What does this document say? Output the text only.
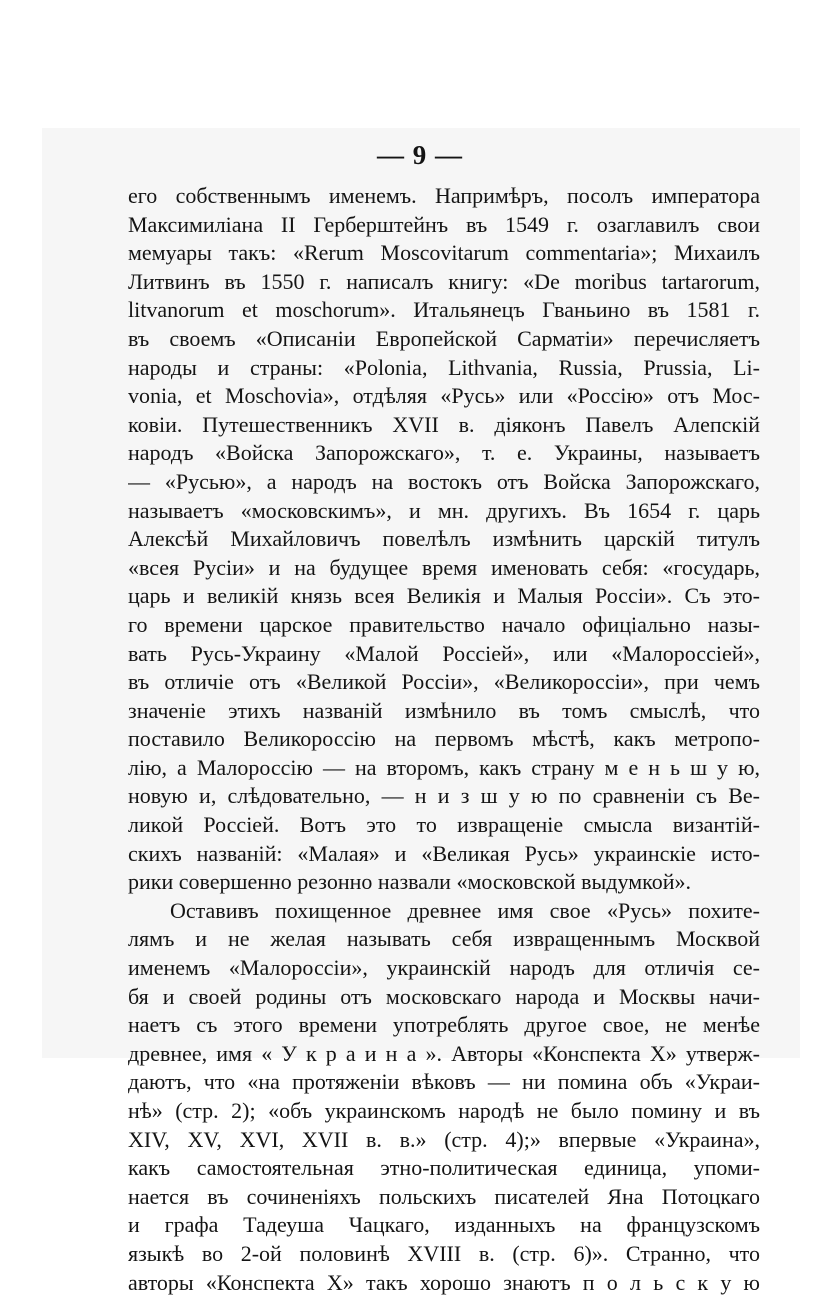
— 9 —
его собственнымъ именемъ. Напримѣръ, посолъ императора
Максимиліана II Герберштейнъ въ 1549 г. озаглавилъ свои
мемуары такъ: «Rerum Moscovitarum commentaria»; Михаилъ
Литвинъ въ 1550 г. написалъ книгу: «De moribus tartarorum,
litvanorum et moschorum». Итальянецъ Гваньино въ 1581 г.
въ своемъ «Описаніи Европейской Сарматіи» перечисляетъ
народы и страны: «Polonia, Lithvania, Russia, Prussia, Li-
vonia, et Moschovia», отдѣляя «Русь» или «Россію» отъ Мос-
ковіи. Путешественникъ XVII в. діяконъ Павелъ Алепскій
народъ «Войска Запорожскаго», т. е. Украины, называетъ
— «Русью», а народъ на востокъ отъ Войска Запорожскаго,
называетъ «московскимъ», и мн. другихъ. Въ 1654 г. царь
Алексѣй Михайловичъ повелѣлъ измѣнить царскій титулъ
«всея Русіи» и на будущее время именовать себя: «государь,
царь и великій князь всея Великія и Малыя Россіи». Съ это-
го времени царское правительство начало офиціально назы-
вать Русь-Украину «Малой Россіей», или «Малороссіей»,
въ отличіе отъ «Великой Россіи», «Великороссіи», при чемъ
значеніе этихъ названій измѣнило въ томъ смыслѣ, что
поставило Великороссію на первомъ мѣстѣ, какъ метропо-
лію, а Малороссію — на второмъ, какъ страну м е н ь ш у ю,
новую и, слѣдовательно, — н и з ш у ю по сравненіи съ Ве-
ликой Россіей. Вотъ это то извращеніе смысла византій-
скихъ названій: «Малая» и «Великая Русь» украинскіе исто-
рики совершенно резонно назвали «московской выдумкой».
Оставивъ похищенное древнее имя свое «Русь» похите-
лямъ и не желая называть себя извращеннымъ Москвой
именемъ «Малороссіи», украинскій народъ для отличія се-
бя и своей родины отъ московскаго народа и Москвы начи-
наетъ съ этого времени употреблять другое свое, не менѣе
древнее, имя « У к р а и н а ». Авторы «Конспекта X» утверж-
даютъ, что «на протяженіи вѣковъ — ни помина объ «Украи-
нѣ» (стр. 2); «объ украинскомъ народѣ не было помину и въ
XIV, XV, XVI, XVII в. в.» (стр. 4);» впервые «Украина»,
какъ самостоятельная этно-политическая единица, упоми-
нается въ сочиненіяхъ польскихъ писателей Яна Потоцкаго
и графа Тадеуша Чацкаго, изданныхъ на французскомъ
языкѣ во 2-ой половинѣ XVIII в. (стр. 6)». Странно, что
авторы «Конспекта X» такъ хорошо знаютъ п о л ь с к у ю
